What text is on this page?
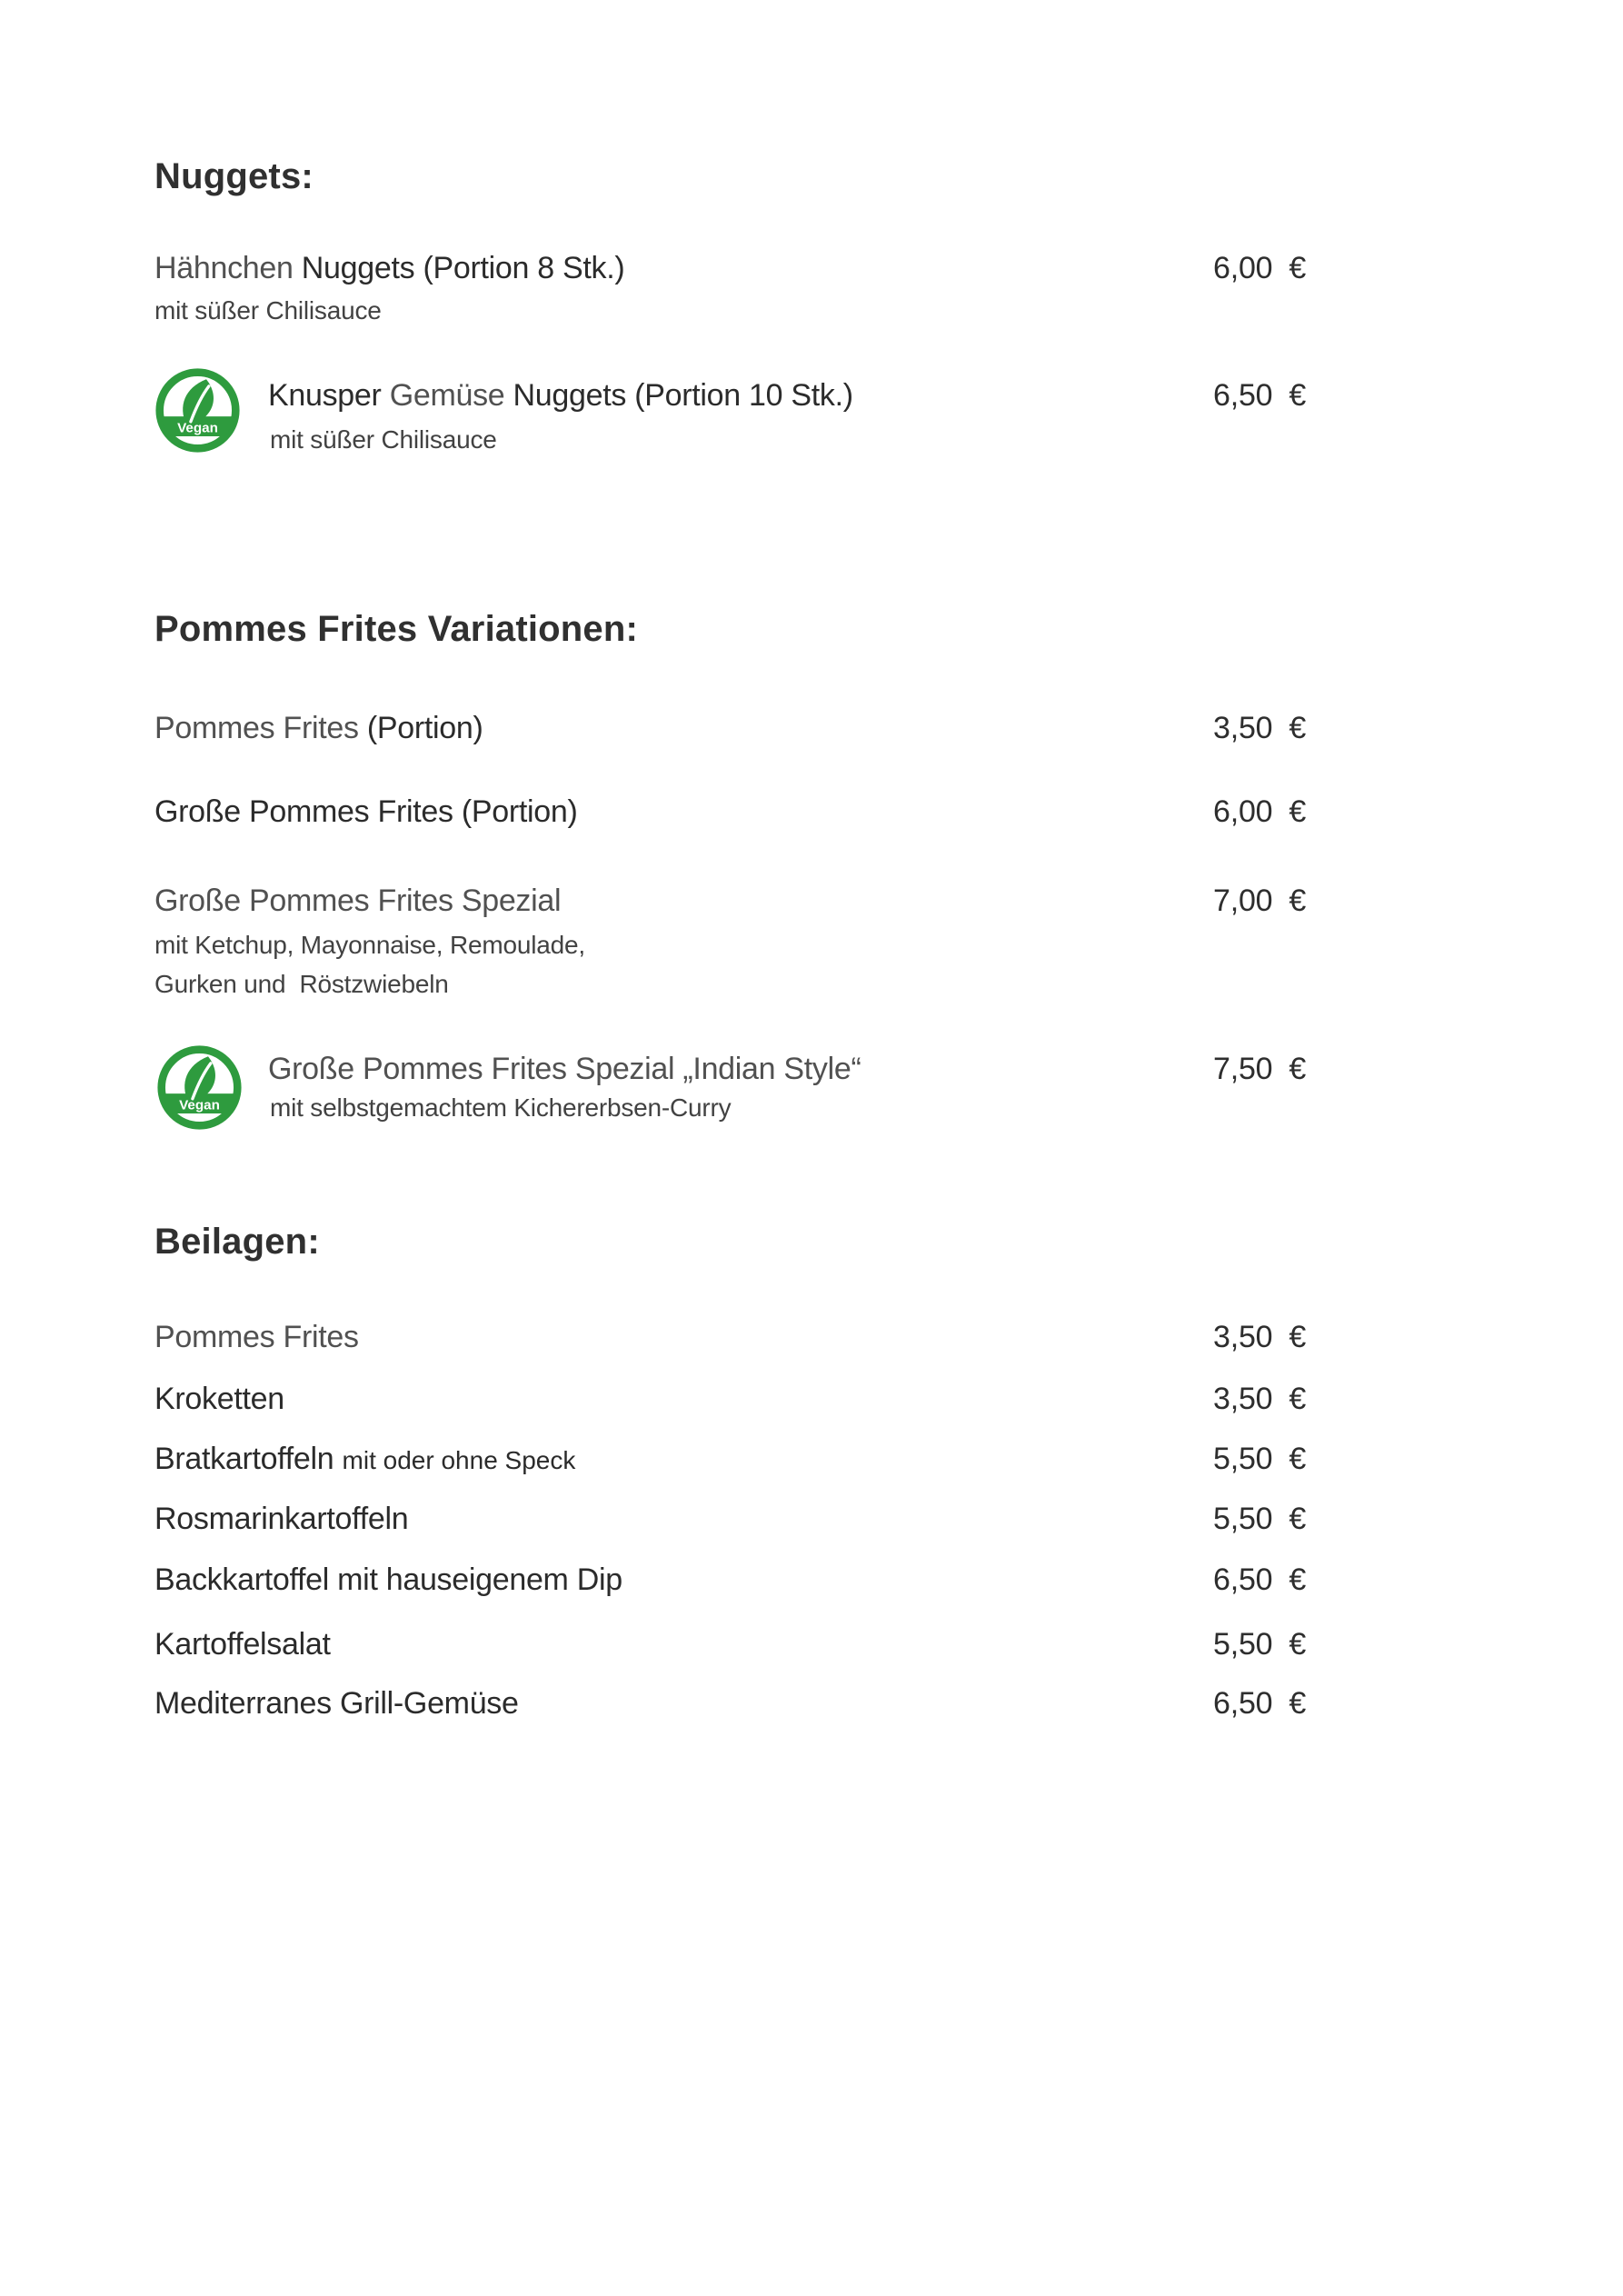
Nuggets:

Hähnchen Nuggets (Portion 8 Stk.)	6,00 €

mit süßer Chilisauce

Vegan

Knusper Gemüse Nuggets (Portion 10 Stk.)	6,50 €

mit süßer Chilisauce

Pommes Frites Variationen:

Pommes Frites (Portion)	3,50 €

Große Pommes Frites (Portion)	6,00 €

Große Pommes Frites Spezial	7,00 €

mit Ketchup, Mayonnaise, Remoulade,

Gurken und  Röstzwiebeln

Vegan

Große Pommes Frites Spezial „Indian Style“	7,50 €

mit selbstgemachtem Kichererbsen-Curry

Beilagen:

Pommes Frites	3,50 €

Kroketten	3,50 €

Bratkartoffeln mit oder ohne Speck	5,50 €

Rosmarinkartoffeln	5,50 €

Backkartoffel mit hauseigenem Dip	6,50 €

Kartoffelsalat	5,50 €

Mediterranes Grill-Gemüse	6,50 €
